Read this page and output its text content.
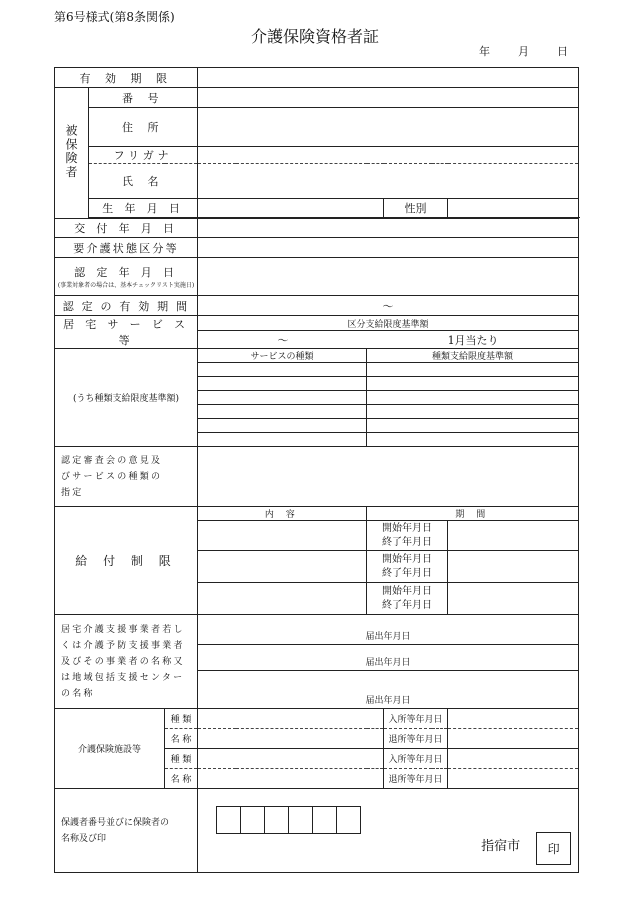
第6号様式(第8条関係)
介護保険資格者証
年	月	日
有 効 期 限						
被保険者	番 号					
	住 所					
	フリガナ					
	氏 名					
	生 年 月 日				性別	

交 付 年 月 日						
要介護状態区分等						

認 定 年 月 日
(事業対象者の場合は、基本チェックリスト実施日)						

認 定 の 有 効 期 間			～			
居 宅 サ ー ビ ス 等			区分支給限度基準額			

			～ 1月当たり			

(うち種類支給限度基準額)			サービスの種類	種類支給限度基準額		

認定審査会の意見及びサービスの種類の指定						

給 付 制 限			内 容	期 間		

				開始年月日
終了年月日		

				開始年月日
終了年月日		

				開始年月日
終了年月日		

居宅介護支援事業者若しくは介護予防支援事業者及びその事業者の名称又は地域包括支援センターの名称			届出年月日			
			届出年月日			
			届出年月日			
介護保険施設等		種 類			入所等年月日	
		名 称			退所等年月日	
		種 類			入所等年月日	
		名 称			退所等年月日	

保護者番号並びに保険者の名称及び印			指宿市 印			
